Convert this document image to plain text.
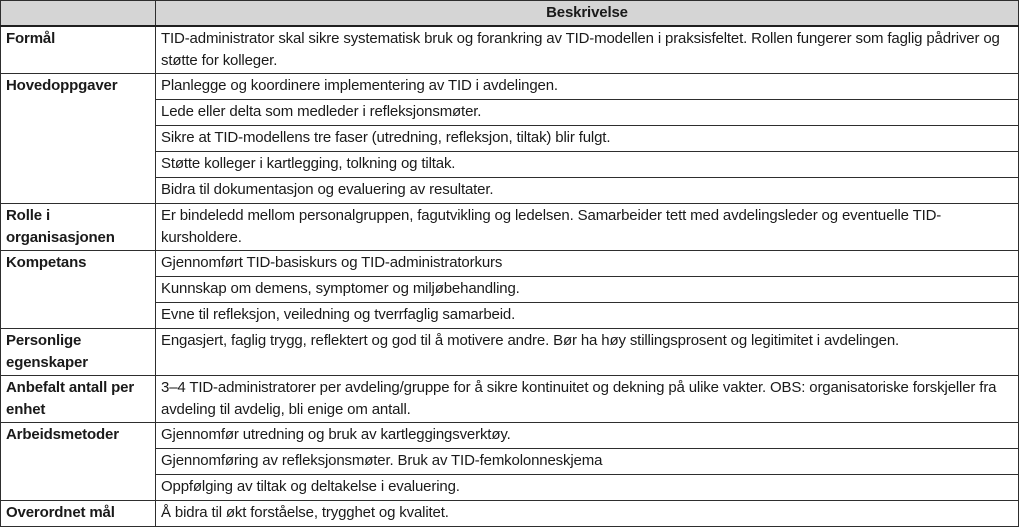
	Beskrivelse
Formål	TID-administrator skal sikre systematisk bruk og forankring av TID-modellen i praksisfeltet. Rollen fungerer som faglig pådriver og støtte for kolleger.
Hovedoppgaver	Planlegge og koordinere implementering av TID i avdelingen.
	Lede eller delta som medleder i refleksjonsmøter.
	Sikre at TID-modellens tre faser (utredning, refleksjon, tiltak) blir fulgt.
	Støtte kolleger i kartlegging, tolkning og tiltak.
	Bidra til dokumentasjon og evaluering av resultater.
Rolle i organisasjonen	Er bindeledd mellom personalgruppen, fagutvikling og ledelsen. Samarbeider tett med avdelingsleder og eventuelle TID-kursholdere.
Kompetans	Gjennomført TID-basiskurs og TID-administratorkurs
	Kunnskap om demens, symptomer og miljøbehandling.
	Evne til refleksjon, veiledning og tverrfaglig samarbeid.
Personlige egenskaper	Engasjert, faglig trygg, reflektert og god til å motivere andre. Bør ha høy stillingsprosent og legitimitet i avdelingen.
Anbefalt antall per enhet	3–4 TID-administratorer per avdeling/gruppe for å sikre kontinuitet og dekning på ulike vakter. OBS: organisatoriske forskjeller fra avdeling til avdelig, bli enige om antall.
Arbeidsmetoder	Gjennomfør utredning og bruk av kartleggingsverktøy.
	Gjennomføring av refleksjonsmøter. Bruk av TID-femkolonneskjema
	Oppfølging av tiltak og deltakelse i evaluering.
Overordnet mål	Å bidra til økt forståelse, trygghet og kvalitet.
